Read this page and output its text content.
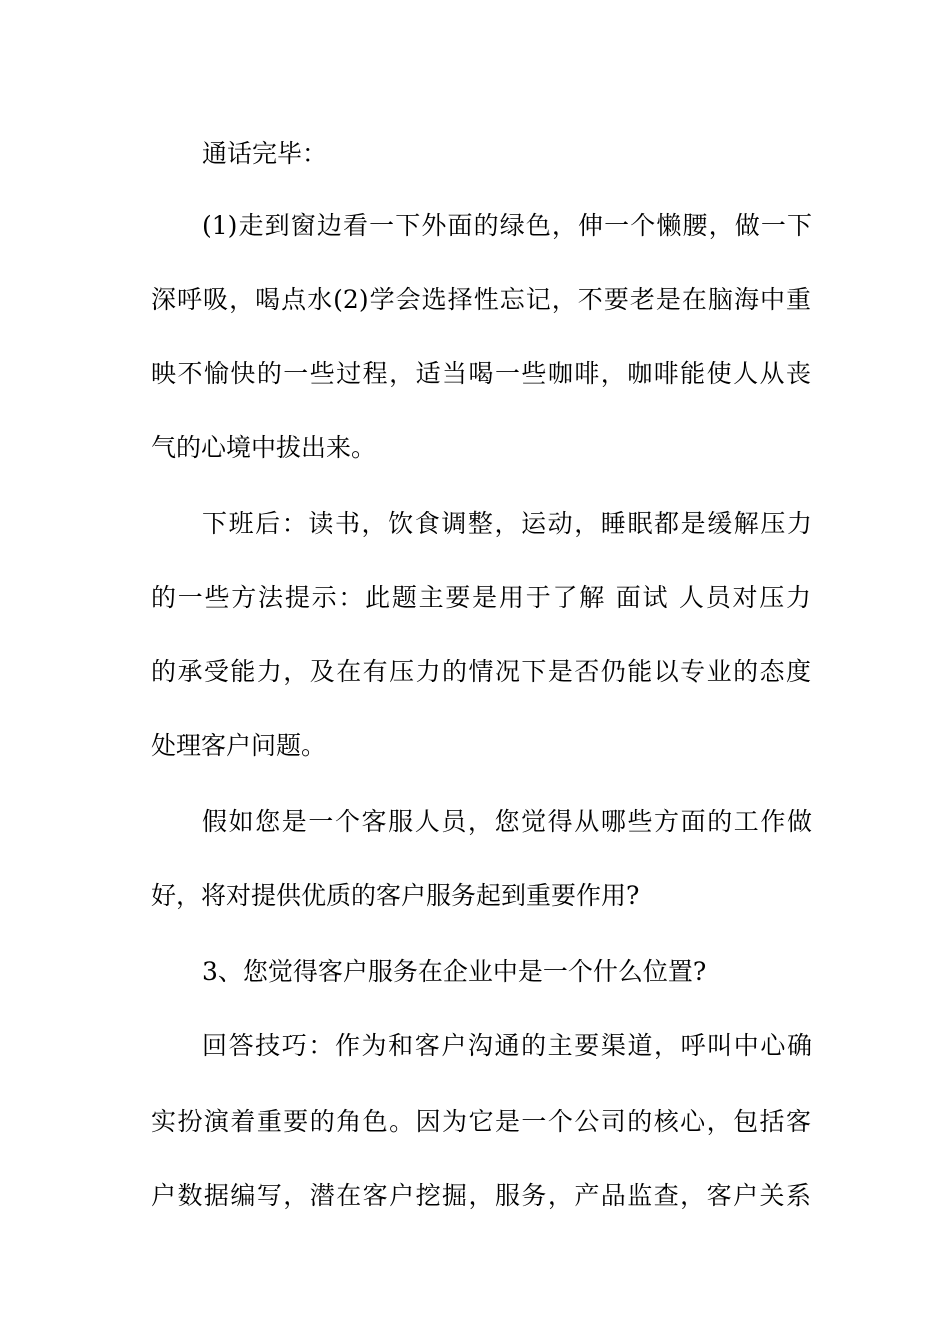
通话完毕：
(1)走到窗边看一下外面的绿色，伸一个懒腰，做一下
深呼吸，喝点水(2)学会选择性忘记，不要老是在脑海中重
映不愉快的一些过程，适当喝一些咖啡，咖啡能使人从丧
气的心境中拔出来。
下班后：读书，饮食调整，运动，睡眠都是缓解压力
的一些方法提示：此题主要是用于了解 面试 人员对压力
的承受能力，及在有压力的情况下是否仍能以专业的态度
处理客户问题。
假如您是一个客服人员，您觉得从哪些方面的工作做
好，将对提供优质的客户服务起到重要作用?
3、您觉得客户服务在企业中是一个什么位置?
回答技巧：作为和客户沟通的主要渠道，呼叫中心确
实扮演着重要的角色。因为它是一个公司的核心，包括客
户数据编写，潜在客户挖掘，服务，产品监查，客户关系
